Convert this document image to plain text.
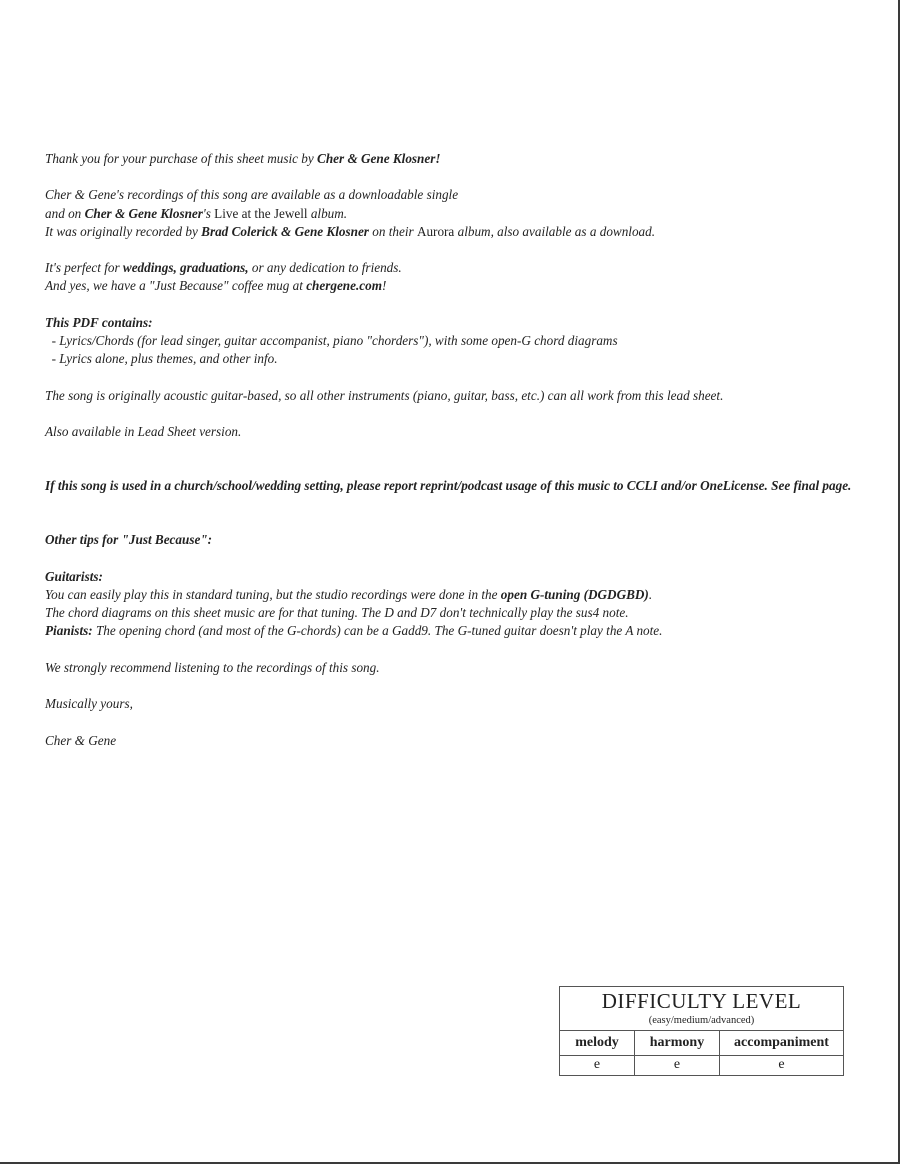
Thank you for your purchase of this sheet music by Cher & Gene Klosner!

Cher & Gene's recordings of this song are available as a downloadable single
and on Cher & Gene Klosner's Live at the Jewell album.
It was originally recorded by Brad Colerick & Gene Klosner on their Aurora album, also available as a download.

It's perfect for weddings, graduations, or any dedication to friends.
And yes, we have a "Just Because" coffee mug at chergene.com!

This PDF contains:
- Lyrics/Chords (for lead singer, guitar accompanist, piano "chorders"), with some open-G chord diagrams
- Lyrics alone, plus themes, and other info.

The song is originally acoustic guitar-based, so all other instruments (piano, guitar, bass, etc.) can all work from this lead sheet.

Also available in Lead Sheet version.

If this song is used in a church/school/wedding setting, please report reprint/podcast usage of this music to CCLI and/or OneLicense. See final page.

Other tips for "Just Because":

Guitarists:
You can easily play this in standard tuning, but the studio recordings were done in the open G-tuning (DGDGBD).
The chord diagrams on this sheet music are for that tuning. The D and D7 don't technically play the sus4 note.
Pianists: The opening chord (and most of the G-chords) can be a Gadd9. The G-tuned guitar doesn't play the A note.

We strongly recommend listening to the recordings of this song.

Musically yours,

Cher & Gene

DIFFICULTY LEVEL
(easy/medium/advanced)
melody	harmony	accompaniment
e	e	e
